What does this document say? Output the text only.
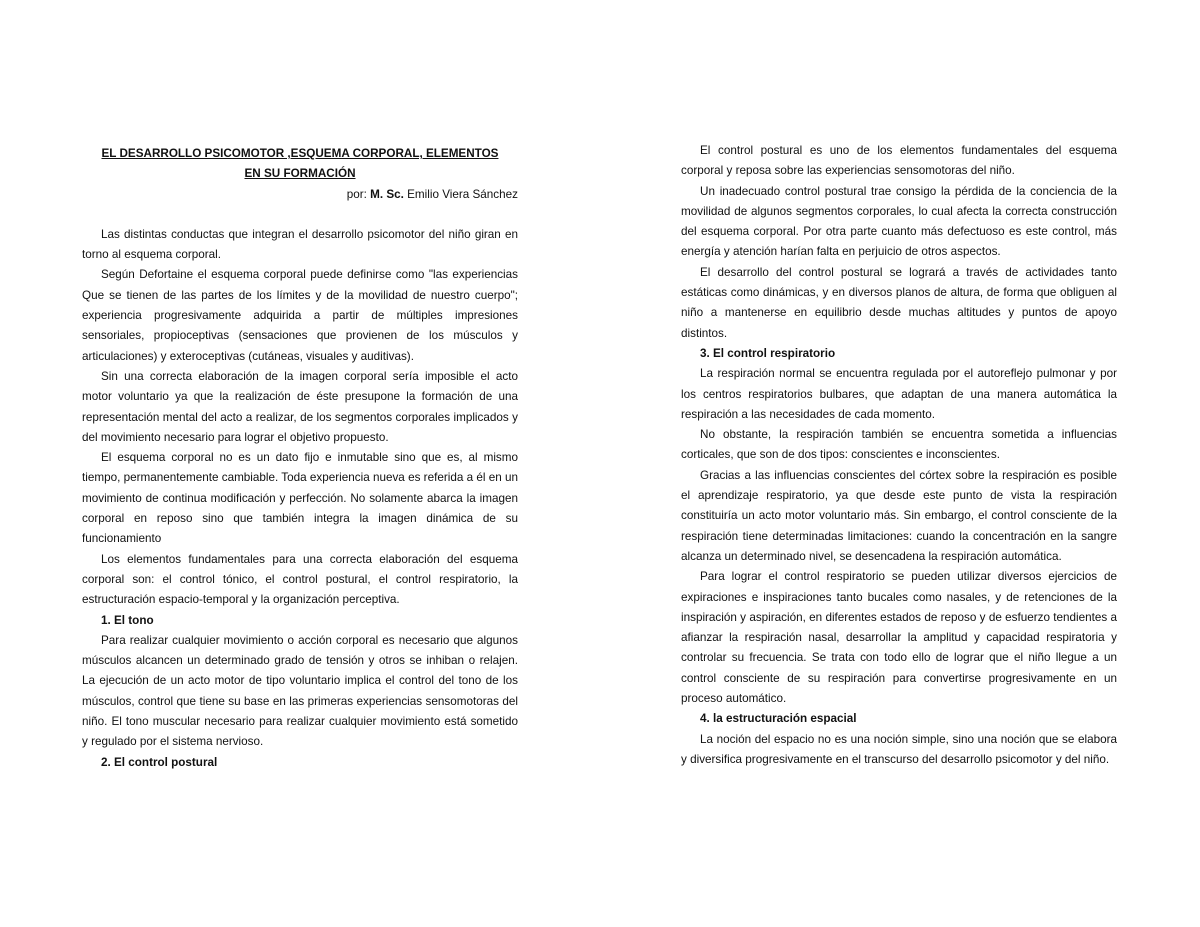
EL DESARROLLO PSICOMOTOR ,ESQUEMA CORPORAL, ELEMENTOS
EN SU FORMACIÓN

por: M. Sc. Emilio Viera Sánchez

Las distintas conductas que integran el desarrollo psicomotor del niño giran en torno al esquema corporal.

Según Defortaine el esquema corporal puede definirse como "las experiencias Que se tienen de las partes de los límites y de la movilidad de nuestro cuerpo"; experiencia progresivamente adquirida a partir de múltiples impresiones sensoriales, propioceptivas (sensaciones que provienen de los músculos y articulaciones) y exteroceptivas (cutáneas, visuales y auditivas).

Sin una correcta elaboración de la imagen corporal sería imposible el acto motor voluntario ya que la realización de éste presupone la formación de una representación mental del acto a realizar, de los segmentos corporales implicados y del movimiento necesario para lograr el objetivo propuesto.

El esquema corporal no es un dato fijo e inmutable sino que es, al mismo tiempo, permanentemente cambiable. Toda experiencia nueva es referida a él en un movimiento de continua modificación y perfección. No solamente abarca la imagen corporal en reposo sino que también integra la imagen dinámica de su funcionamiento

Los elementos fundamentales para una correcta elaboración del esquema corporal son: el control tónico, el control postural, el control respiratorio, la estructuración espacio-temporal y la organización perceptiva.

1. El tono

Para realizar cualquier movimiento o acción corporal es necesario que algunos músculos alcancen un determinado grado de tensión y otros se inhiban o relajen. La ejecución de un acto motor de tipo voluntario implica el control del tono de los músculos, control que tiene su base en las primeras experiencias sensomotoras del niño. El tono muscular necesario para realizar cualquier movimiento está sometido y regulado por el sistema nervioso.

2. El control postural

El control postural es uno de los elementos fundamentales del esquema corporal y reposa sobre las experiencias sensomotoras del niño.

Un inadecuado control postural trae consigo la pérdida de la conciencia de la movilidad de algunos segmentos corporales, lo cual afecta la correcta construcción del esquema corporal. Por otra parte cuanto más defectuoso es este control, más energía y atención harían falta en perjuicio de otros aspectos.

El desarrollo del control postural se logrará a través de actividades tanto estáticas como dinámicas, y en diversos planos de altura, de forma que obliguen al niño a mantenerse en equilibrio desde muchas altitudes y puntos de apoyo distintos.

3. El control respiratorio

La respiración normal se encuentra regulada por el autoreflejo pulmonar y por los centros respiratorios bulbares, que adaptan de una manera automática la respiración a las necesidades de cada momento.

No obstante, la respiración también se encuentra sometida a influencias corticales, que son de dos tipos: conscientes e inconscientes.

Gracias a las influencias conscientes del córtex sobre la respiración es posible el aprendizaje respiratorio, ya que desde este punto de vista la respiración constituiría un acto motor voluntario más. Sin embargo, el control consciente de la respiración tiene determinadas limitaciones: cuando la concentración en la sangre alcanza un determinado nivel, se desencadena la respiración automática.

Para lograr el control respiratorio se pueden utilizar diversos ejercicios de expiraciones e inspiraciones tanto bucales como nasales, y de retenciones de la inspiración y aspiración, en diferentes estados de reposo y de esfuerzo tendientes a afianzar la respiración nasal, desarrollar la amplitud y capacidad respiratoria y controlar su frecuencia. Se trata con todo ello de lograr que el niño llegue a un control consciente de su respiración para convertirse progresivamente en un proceso automático.

4. la estructuración espacial

La noción del espacio no es una noción simple, sino una noción que se elabora y diversifica progresivamente en el transcurso del desarrollo psicomotor y del niño.
